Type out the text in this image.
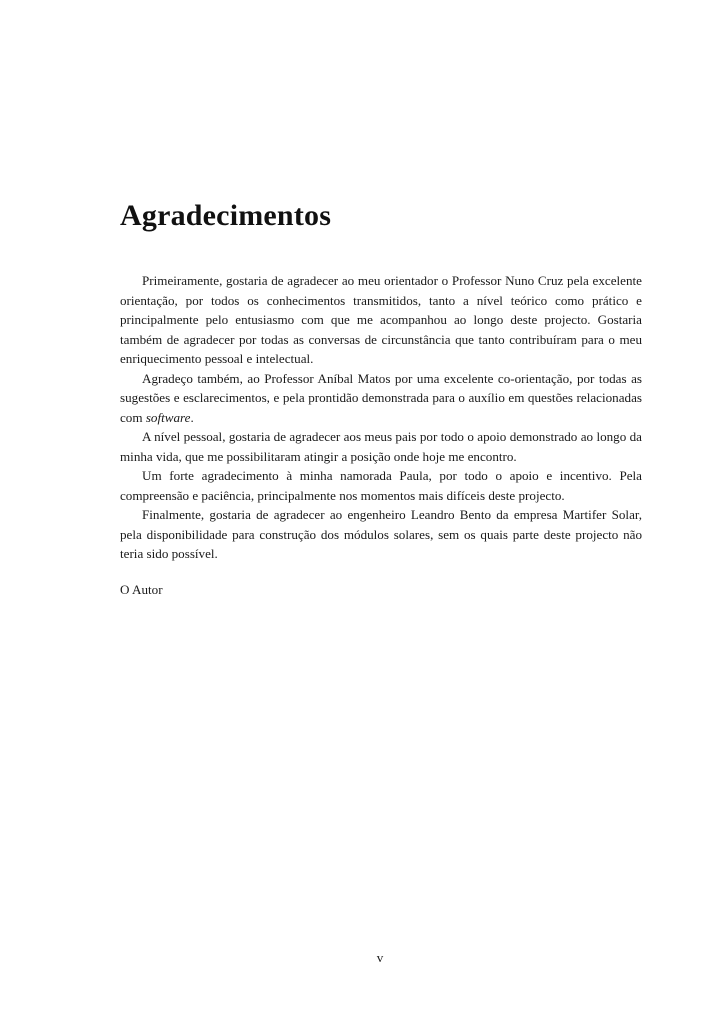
Agradecimentos

Primeiramente, gostaria de agradecer ao meu orientador o Professor Nuno Cruz pela excelente orientação, por todos os conhecimentos transmitidos, tanto a nível teórico como prático e principalmente pelo entusiasmo com que me acompanhou ao longo deste projecto. Gostaria também de agradecer por todas as conversas de circunstância que tanto contribuíram para o meu enriquecimento pessoal e intelectual.

Agradeço também, ao Professor Aníbal Matos por uma excelente co-orientação, por todas as sugestões e esclarecimentos, e pela prontidão demonstrada para o auxílio em questões relacionadas com software.

A nível pessoal, gostaria de agradecer aos meus pais por todo o apoio demonstrado ao longo da minha vida, que me possibilitaram atingir a posição onde hoje me encontro.

Um forte agradecimento à minha namorada Paula, por todo o apoio e incentivo. Pela compreensão e paciência, principalmente nos momentos mais difíceis deste projecto.

Finalmente, gostaria de agradecer ao engenheiro Leandro Bento da empresa Martifer Solar, pela disponibilidade para construção dos módulos solares, sem os quais parte deste projecto não teria sido possível.

O Autor

v
